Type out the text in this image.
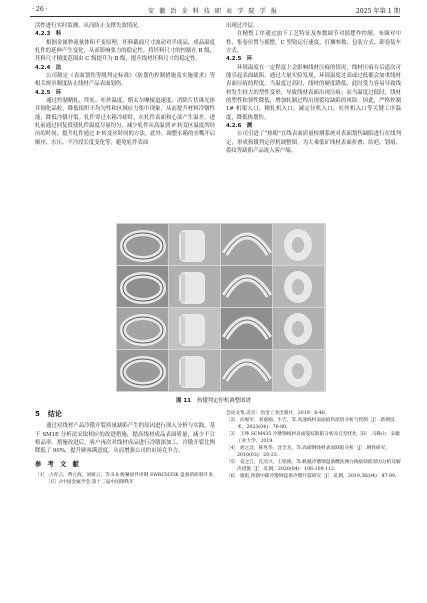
· 26 ·	安 徽 冶 金 科 技 职 业 学 院 学 报	2025 年第 1 期

活性进行实时监测，从而防止支撑失效情况。

4.2.3　料

根据金属秒流量体积不变原理，坯料截面尺寸波动对半成品、成品温度轧件的延伸产生变化，从而影响张力的稳定性。将坯料尺寸的控制在 B 级，坯料尺寸精度范围由 C 级提升为 B 级，提升线材坯料尺寸的稳定性。

4.2.4　法

公司制定《表面划伤等级判定标准》《防划伤控制措施及实施要求》等相关规章制度防止线材产品表面划伤。

4.2.5　环

通过控制精轧、终轧、吐丝温度，斯太尔摩辊道速度，消除片状珠光体并细化晶粒，降低组织不均匀性和区域应力集中现象，从而提升材料冷镦性能，降低冷镦开裂。轧件穿过水箱冷却时，在轧件表面和心部产生温差，进轧前通过回复段使轧件温度尽量均匀，减少轧件从高温到 P 转变区温度所经历的时间，提升轧件通过 P 转变区时间的方法，此外，调整水箱的水嘴开启顺序、水压、不冷段长度变化等，避免轧件表面

出现过冷层。

在精整工序通过加下工艺特征及参数调节对摇摆作控制，布圈对中性、集卷位置与摇摆，C 型钩运行速度，打捆参数、包装方式、卸卷装车方式。

4.2.5　环

环境温度在一定程度上会影响线材压痕的情况，线材压痕在后道次可能引起表面缺陷。通过大量实验发现，环境温度过高或过低都会加重线材表面压痕的程度。当温度过高时，线材的硬度降低，此时受力容易导致线材发生较大的塑性变形，导致线材表面出现压痕；而当温度过低时，线材的塑性和韧性降低，增加轧制过程出现裂纹缺陷的风险。因此，严格控制 1# 机架入口，精轧机入口，减定径机入口，吐丝机入口等关键工序温度，降低热划伤。

4.2.6　测

公司引进了“热眼”在线表面质量检测系统对表面划伤缺陷进行在线判定，形成热镦判定停机调整图，为大乘低矿线材表面折叠、结疤、划痕、裂纹等缺陷产品流入客户端。

图 11 热镦判定停机调整图谱
5 结论

通过对线材产品冷镦开裂质量缺陷产生的原因进行深入分析与实践，基于 SM1E 分析法采取相应的改进措施，提高线材成品表面质量，减少不合格品率。措施改进后，客户再次对线材成品进行冷镦深加工，冷镦开裂比例降低了 90%，提升顾客满意度，从而增强公司的市场竞争力。

参 考 文 献
［1］ 占青云，费元海，刘被云，等.S.8 级紧固件用钢 SWRCH35K 盘条的研制开发［C］//中国金属学会.第十二届中国钢铁年
会论文集.北京：冶金工业出版社，2019：6-46.
［2］ 向俊军，刘嘉刚，牛吉，等.高速线材表面痕伤原因分析与控制［J］.新钢技术，2023(04)：76-80.
［3］ 王坤.SCM435 冷镦钢线材表面裂纹缺陷分析及孔型优化［D］.马鞍山：安徽工业大学，2019.
［4］ 胡之北，韩兆华，沈全龙，等.高碳钢线材表面缺陷分析［J］.钢铁研究，2010(03)：20-23.
［5］ 袁之江，孔浩兴，王铭俊，等.帆磁冷镦钢盘条酸洗裸白线痕缺陷原因分析及解决措施［J］.轧钢，2020(04)：106-109,112.
［6］ 廖彪.铁钢中碳冷镦钢盘条冷镦开裂研究［J］.轧钢，2019,36(04)：87-89.
